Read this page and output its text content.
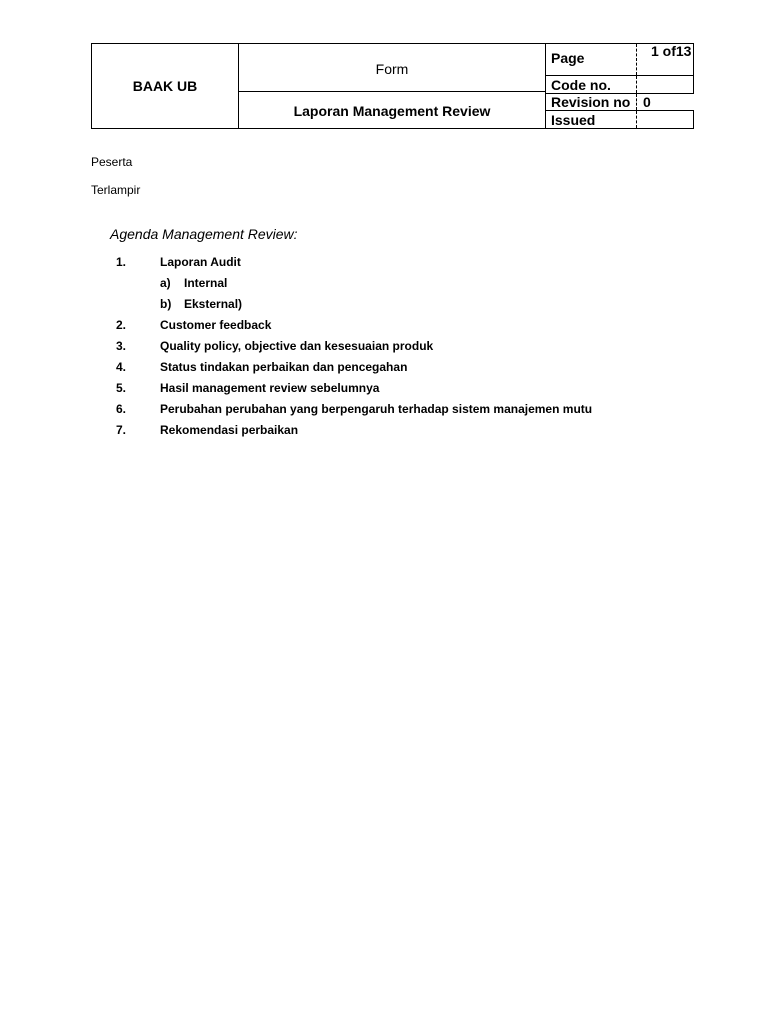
BAAK UB
Form
Laporan Management Review
Page	1 of 13
Code no.
Revision no 0
Issued
Peserta
Terlampir
Agenda Management Review:
1.	Laporan Audit
a) Internal
b) Eksternal)
2.	Customer feedback
3.	Quality policy, objective dan kesesuaian produk
4.	Status tindakan perbaikan dan pencegahan
5.	Hasil management review sebelumnya
6.	Perubahan perubahan yang berpengaruh terhadap sistem manajemen mutu
7.	Rekomendasi perbaikan
